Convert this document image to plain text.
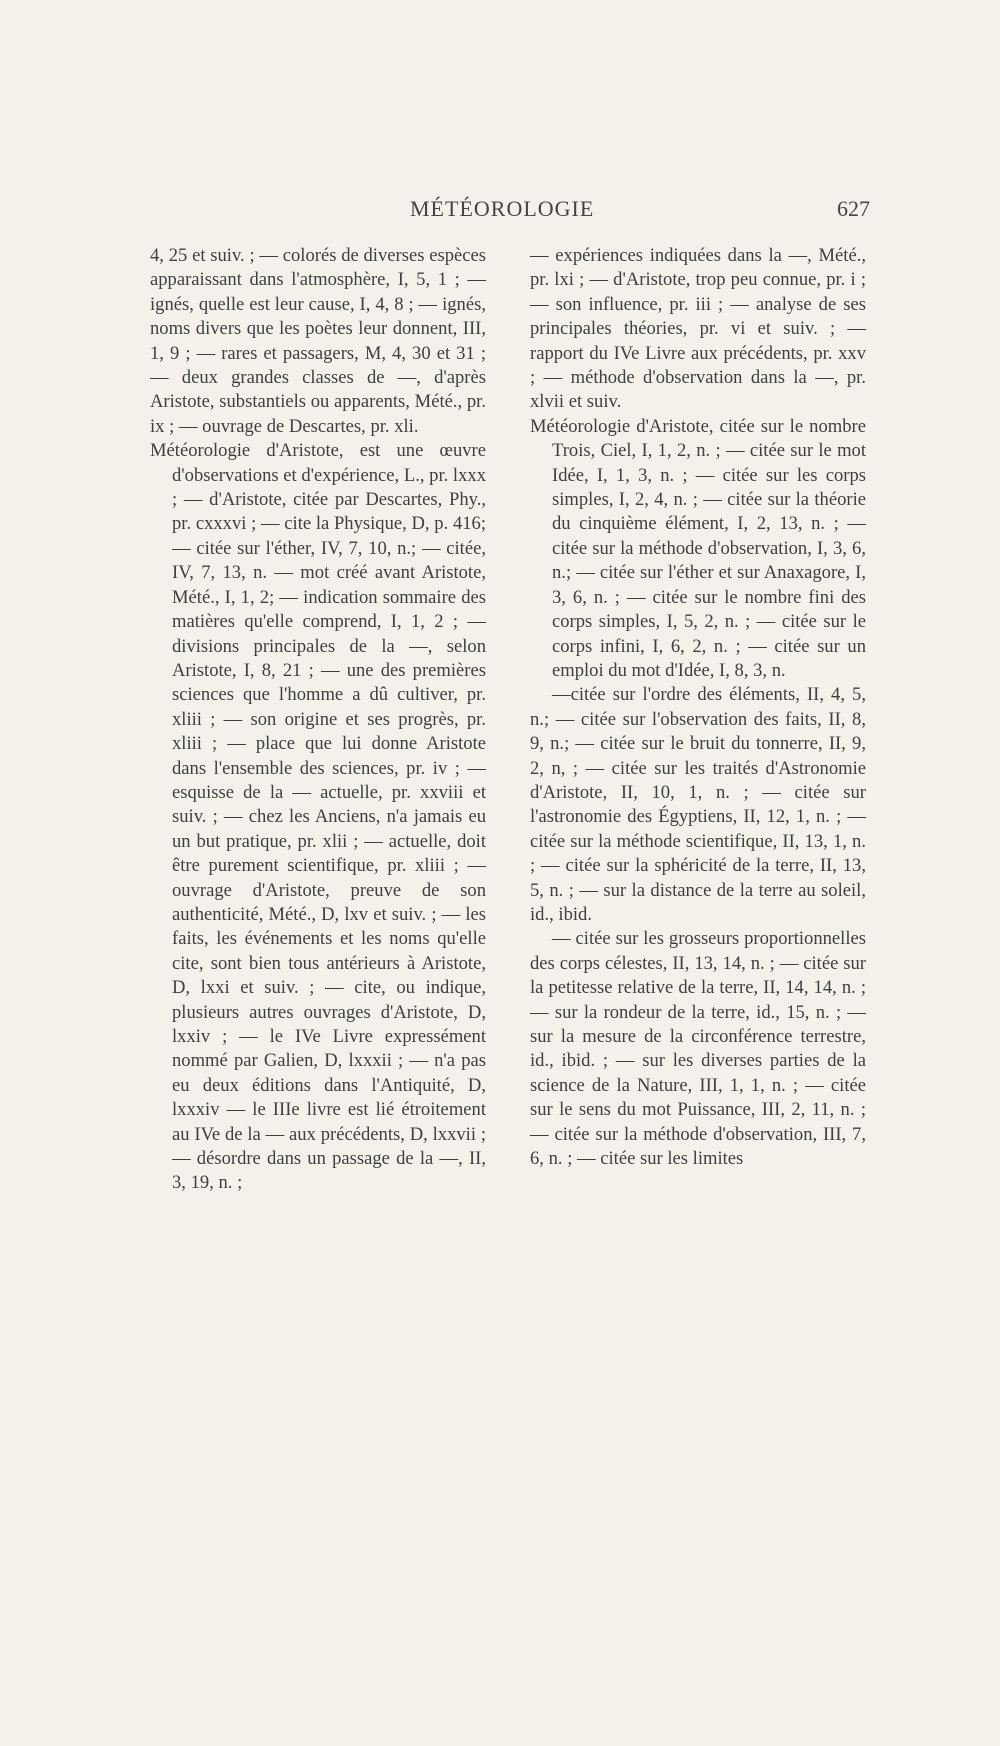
MÉTÉOROLOGIE	627

4, 25 et suiv. ; — colorés de diverses espèces apparaissant dans l'atmosphère, I, 5, 1 ; — ignés, quelle est leur cause, I, 4, 8 ; — ignés, noms divers que les poètes leur donnent, III, 1, 9 ; — rares et passagers, M, 4, 30 et 31 ; — deux grandes classes de —, d'après Aristote, substantiels ou apparents, Mété., pr. ix ; — ouvrage de Descartes, pr. xli.

Météorologie d'Aristote, est une œuvre d'observations et d'expérience, L., pr. lxxx ; — d'Aristote, citée par Descartes, Phy., pr. cxxxvi ; — cite la Physique, D, p. 416; — citée sur l'éther, IV, 7, 10, n.; — citée, IV, 7, 13, n. — mot créé avant Aristote, Mété., I, 1, 2; — indication sommaire des matières qu'elle comprend, I, 1, 2 ; — divisions principales de la —, selon Aristote, I, 8, 21 ; — une des premières sciences que l'homme a dû cultiver, pr. xliii ; — son origine et ses progrès, pr. xliii ; — place que lui donne Aristote dans l'ensemble des sciences, pr. iv ; — esquisse de la — actuelle, pr. xxviii et suiv. ; — chez les Anciens, n'a jamais eu un but pratique, pr. xlii ; — actuelle, doit être purement scientifique, pr. xliii ; — ouvrage d'Aristote, preuve de son authenticité, Mété., D, lxv et suiv. ; — les faits, les événements et les noms qu'elle cite, sont bien tous antérieurs à Aristote, D, lxxi et suiv. ; — cite, ou indique, plusieurs autres ouvrages d'Aristote, D, lxxiv ; — le IVe Livre expressément nommé par Galien, D, lxxxii ; — n'a pas eu deux éditions dans l'Antiquité, D, lxxxiv — le IIIe livre est lié étroitement au IVe de la — aux précédents, D, lxxvii ; — désordre dans un passage de la —, II, 3, 19, n. ;

— expériences indiquées dans la —, Mété., pr. lxi ; — d'Aristote, trop peu connue, pr. i ; — son influence, pr. iii ; — analyse de ses principales théories, pr. vi et suiv. ; — rapport du IVe Livre aux précédents, pr. xxv ; — méthode d'observation dans la —, pr. xlvii et suiv.

Météorologie d'Aristote, citée sur le nombre Trois, Ciel, I, 1, 2, n. ; — citée sur le mot Idée, I, 1, 3, n. ; — citée sur les corps simples, I, 2, 4, n. ; — citée sur la théorie du cinquième élément, I, 2, 13, n. ; — citée sur la méthode d'observation, I, 3, 6, n.; — citée sur l'éther et sur Anaxagore, I, 3, 6, n. ; — citée sur le nombre fini des corps simples, I, 5, 2, n. ; — citée sur le corps infini, I, 6, 2, n. ; — citée sur un emploi du mot d'Idée, I, 8, 3, n.

—citée sur l'ordre des éléments, II, 4, 5, n.; — citée sur l'observation des faits, II, 8, 9, n.; — citée sur le bruit du tonnerre, II, 9, 2, n, ; — citée sur les traités d'Astronomie d'Aristote, II, 10, 1, n. ; — citée sur l'astronomie des Égyptiens, II, 12, 1, n. ; — citée sur la méthode scientifique, II, 13, 1, n. ; — citée sur la sphéricité de la terre, II, 13, 5, n. ; — sur la distance de la terre au soleil, id., ibid.

— citée sur les grosseurs proportionnelles des corps célestes, II, 13, 14, n. ; — citée sur la petitesse relative de la terre, II, 14, 14, n. ; — sur la rondeur de la terre, id., 15, n. ; — sur la mesure de la circonférence terrestre, id., ibid. ; — sur les diverses parties de la science de la Nature, III, 1, 1, n. ; — citée sur le sens du mot Puissance, III, 2, 11, n. ; — citée sur la méthode d'observation, III, 7, 6, n. ; — citée sur les limites
